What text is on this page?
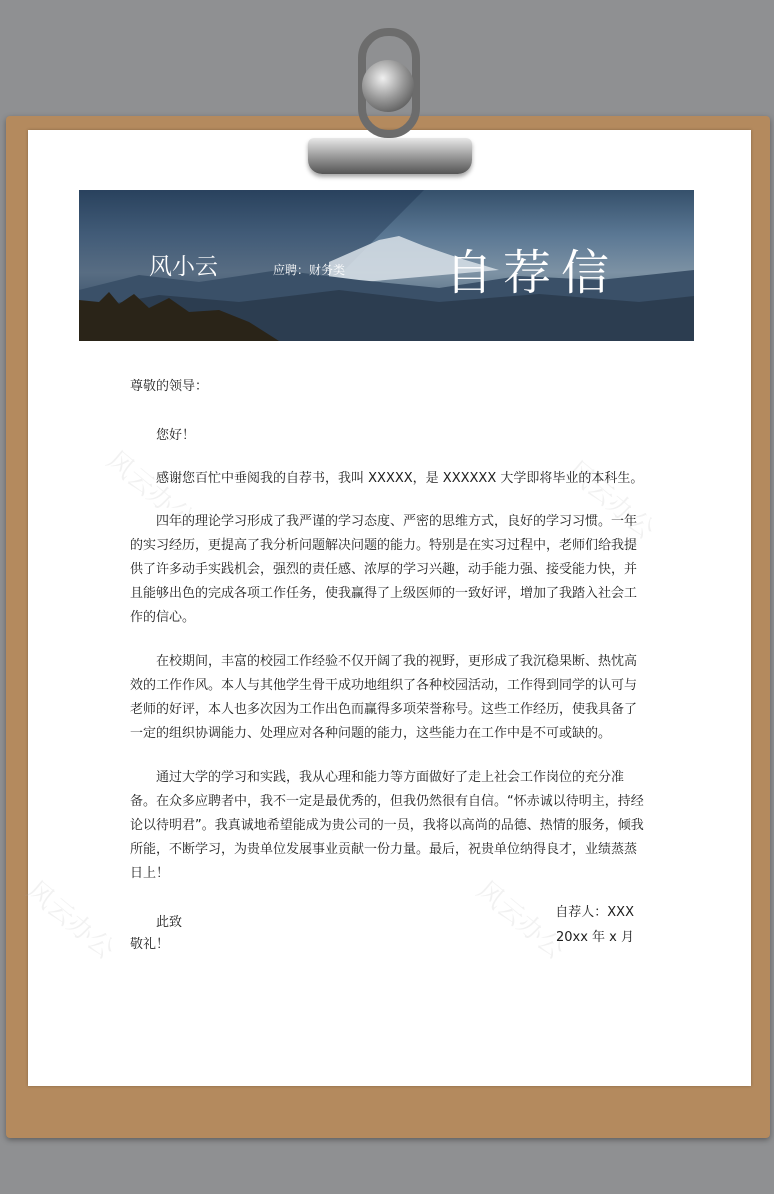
风小云	应聘：财务类 自荐信
风云办公	风云办公
风云办公	风云办公

尊敬的领导：

您好！

感谢您百忙中垂阅我的自荐书，我叫 XXXXX，是 XXXXXX 大学即将毕业的本科生。

四年的理论学习形成了我严谨的学习态度、严密的思维方式，良好的学习习惯。一年的实习经历，更提高了我分析问题解决问题的能力。特别是在实习过程中，老师们给我提供了许多动手实践机会，强烈的责任感、浓厚的学习兴趣，动手能力强、接受能力快，并且能够出色的完成各项工作任务，使我赢得了上级医师的一致好评，增加了我踏入社会工作的信心。

在校期间，丰富的校园工作经验不仅开阔了我的视野，更形成了我沉稳果断、热忱高效的工作作风。本人与其他学生骨干成功地组织了各种校园活动，工作得到同学的认可与老师的好评，本人也多次因为工作出色而赢得多项荣誉称号。这些工作经历，使我具备了一定的组织协调能力、处理应对各种问题的能力，这些能力在工作中是不可或缺的。

通过大学的学习和实践，我从心理和能力等方面做好了走上社会工作岗位的充分准备。在众多应聘者中，我不一定是最优秀的，但我仍然很有自信。“怀赤诚以待明主，持经论以待明君”。我真诚地希望能成为贵公司的一员，我将以高尚的品德、热情的服务，倾我所能，不断学习，为贵单位发展事业贡献一份力量。最后，祝贵单位纳得良才，业绩蒸蒸日上！

此致

敬礼！

自荐人：XXX
20xx 年 x 月
